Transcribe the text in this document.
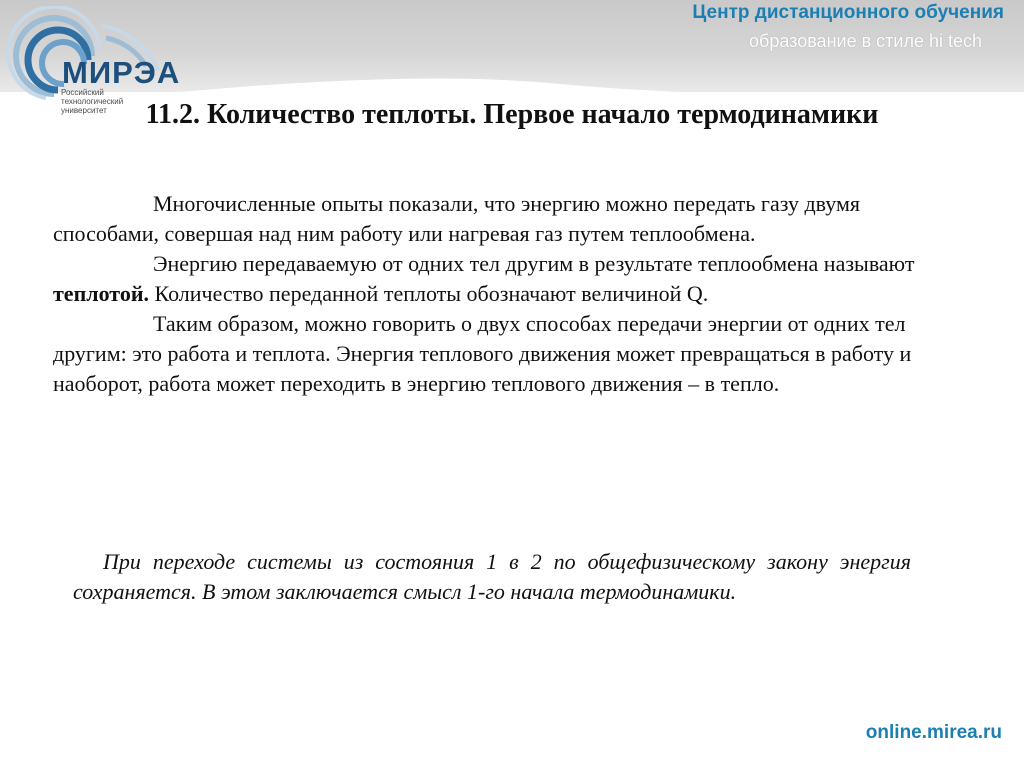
МИРЭА
Российский технологический университет
Центр дистанционного обучения
образование в стиле hi tech
11.2. Количество теплоты. Первое начало термодинамики

Многочисленные опыты показали, что энергию можно передать газу двумя способами, совершая над ним работу или нагревая газ путем теплообмена.

Энергию передаваемую от одних тел другим в результате теплообмена называют теплотой. Количество переданной теплоты обозначают величиной Q.

Таким образом, можно говорить о двух способах передачи энергии от одних тел другим: это работа и теплота. Энергия теплового движения может превращаться в работу и наоборот, работа может переходить в энергию теплового движения – в тепло.

При переходе системы из состояния 1 в 2 по общефизическому закону энергия сохраняется. В этом заключается смысл 1-го начала термодинамики.
online.mirea.ru
